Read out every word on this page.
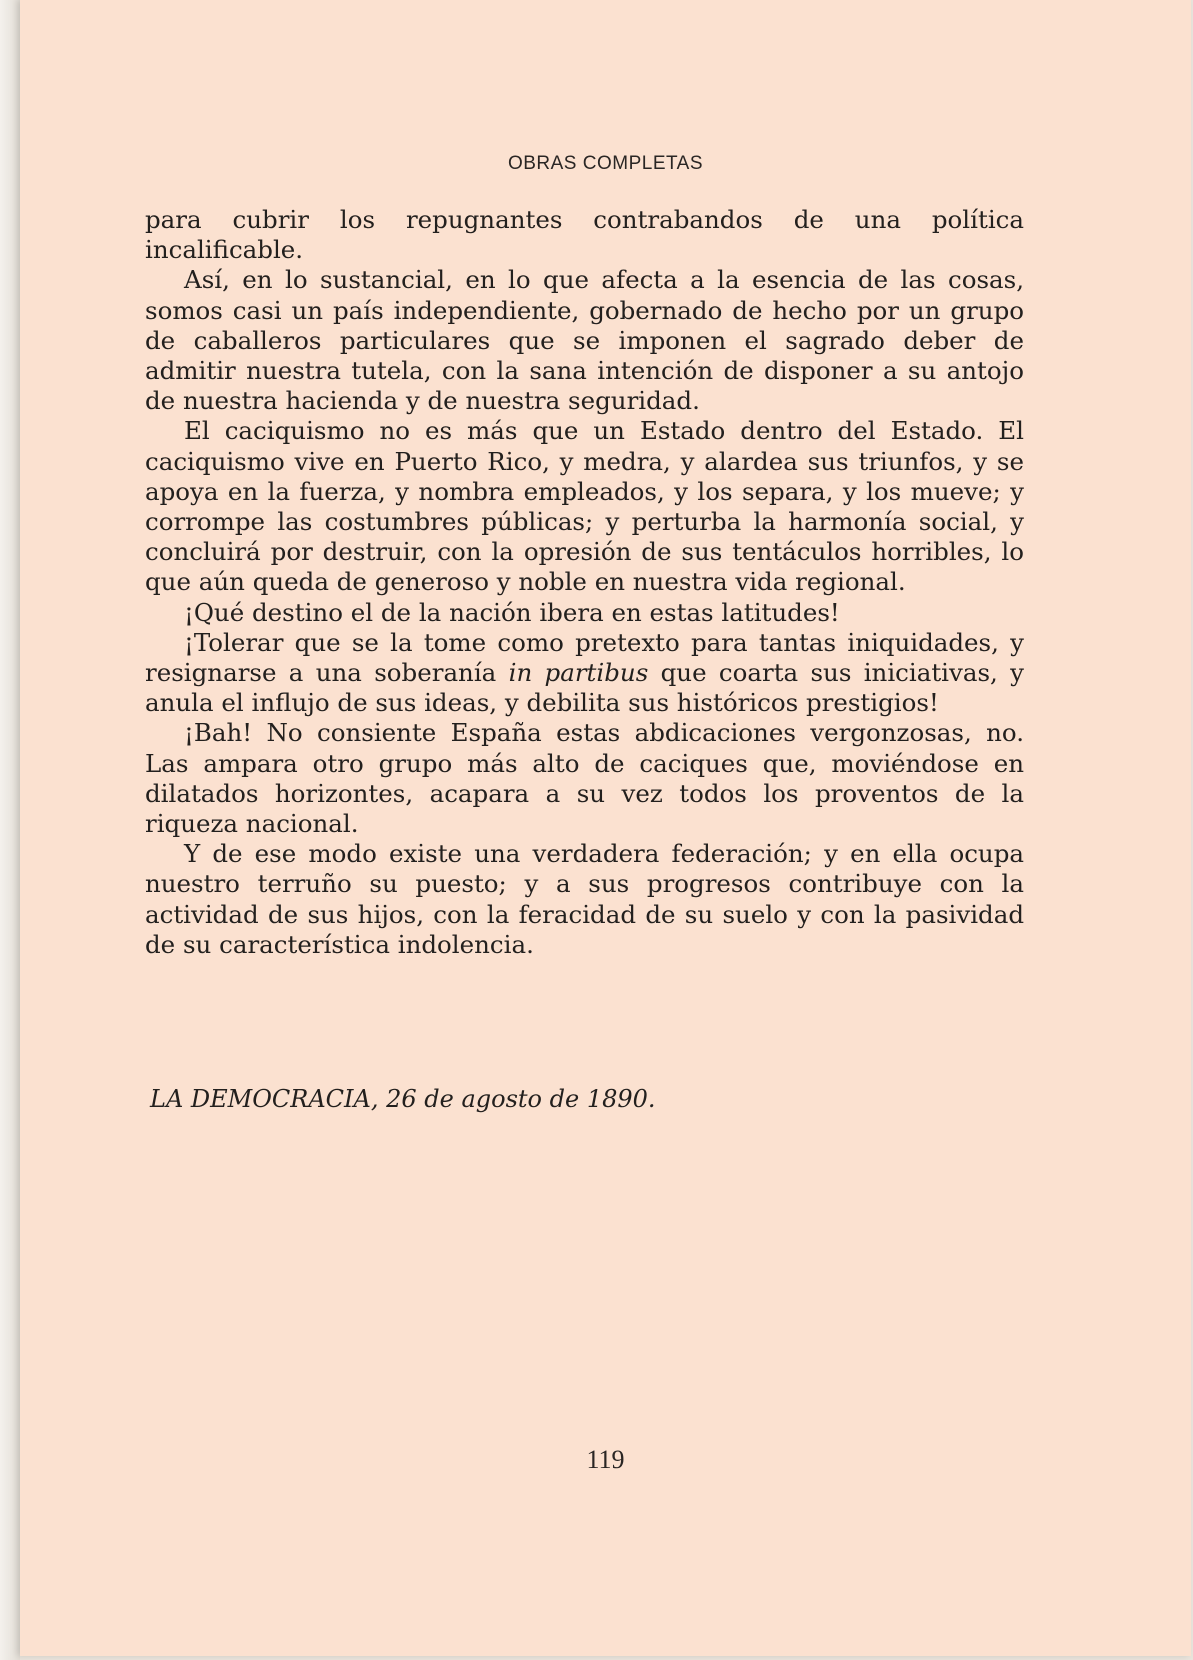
OBRAS COMPLETAS

para cubrir los repugnantes contrabandos de una política incalificable.

Así, en lo sustancial, en lo que afecta a la esencia de las cosas, somos casi un país independiente, gobernado de hecho por un grupo de caballeros particulares que se imponen el sagrado deber de admitir nuestra tutela, con la sana intención de disponer a su antojo de nuestra hacienda y de nuestra seguridad.

El caciquismo no es más que un Estado dentro del Estado. El caciquismo vive en Puerto Rico, y medra, y alardea sus triunfos, y se apoya en la fuerza, y nombra empleados, y los separa, y los mueve; y corrompe las costumbres públicas; y perturba la harmonía social, y concluirá por destruir, con la opresión de sus tentáculos horribles, lo que aún queda de generoso y noble en nuestra vida regional.

¡Qué destino el de la nación ibera en estas latitudes!

¡Tolerar que se la tome como pretexto para tantas iniquidades, y resignarse a una soberanía in partibus que coarta sus iniciativas, y anula el influjo de sus ideas, y debilita sus históricos prestigios!

¡Bah! No consiente España estas abdicaciones vergonzosas, no. Las ampara otro grupo más alto de caciques que, moviéndose en dilatados horizontes, acapara a su vez todos los proventos de la riqueza nacional.

Y de ese modo existe una verdadera federación; y en ella ocupa nuestro terruño su puesto; y a sus progresos contribuye con la actividad de sus hijos, con la feracidad de su suelo y con la pasividad de su característica indolencia.

LA DEMOCRACIA, 26 de agosto de 1890.
119
